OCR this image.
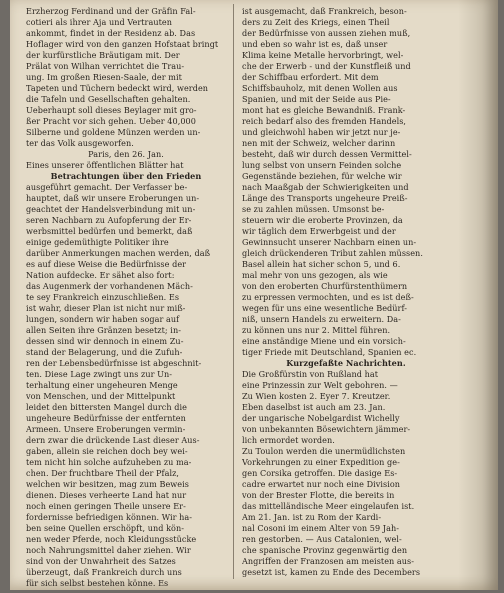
Erzherzog Ferdinand und der Gräfin Fal-
cotieri als ihrer Aja und Vertrauten
ankommt, findet in der Residenz ab. Das
Hoflager wird von den ganzen Hofstaat bringt
der kurfürstliche Bräutigam mit. Der
Prälat von Wilhan verrichtet die Trau-
ung. Im großen Riesen-Saale, der mit
Tapeten und Tüchern bedeckt wird, werden
die Tafeln und Gesellschaften gehalten.
Ueberhaupt soll dieses Beylager mit gro-
ßer Pracht vor sich gehen. Ueber 40,000
Silberne und goldene Münzen werden un-
ter das Volk ausgeworfen.
Paris, den 26. Jan.
Eines unserer öffentlichen Blätter hat
Betrachtungen über den Frieden
ausgeführt gemacht. Der Verfasser be-
hauptet, daß wir unsere Eroberungen un-
geachtet der Handelsverbindung mit un-
seren Nachbarn zu Aufopferung der Er-
werbsmittel bedürfen und bemerkt, daß
einige gedemüthigte Politiker ihre
darüber Anmerkungen machen werden, daß
es auf diese Weise die Bedürfnisse der
Nation aufdecke. Er sähet also fort:
das Augenmerk der vorhandenen Mäch-
te sey Frankreich einzuschließen. Es
ist wahr, dieser Plan ist nicht nur miß-
lungen, sondern wir haben sogar auf
allen Seiten ihre Gränzen besetzt; in-
dessen sind wir dennoch in einem Zu-
stand der Belagerung, und die Zufuh-
ren der Lebensbedürfnisse ist abgeschnit-
ten. Diese Lage zwingt uns zur Un-
terhaltung einer ungeheuren Menge
von Menschen, und der Mittelpunkt
leidet den bittersten Mangel durch die
ungeheure Bedürfnisse der entfernten
Armeen. Unsere Eroberungen vermin-
dern zwar die drückende Last dieser Aus-
gaben, allein sie reichen doch bey wei-
tem nicht hin solche aufzuheben zu ma-
chen. Der fruchtbare Theil der Pfalz,
welchen wir besitzen, mag zum Beweis
dienen. Dieses verheerte Land hat nur
noch einen geringen Theile unsere Er-
fordernisse befriedigen können. Wir ha-
ben seine Quellen erschöpft, und kön-
nen weder Pferde, noch Kleidungsstücke
noch Nahrungsmittel daher ziehen. Wir
sind von der Unwahrheit des Satzes
überzeugt, daß Frankreich durch uns
für sich selbst bestehen könne. Es
ist ausgemacht, daß Frankreich, beson-
ders zu Zeit des Kriegs, einen Theil
der Bedürfnisse von aussen ziehen muß,
und eben so wahr ist es, daß unser
Klima keine Metalle hervorbringt, wel-
che der Erwerb - und der Kunstfleiß und
der Schiffbau erfordert. Mit dem
Schiffsbauholz, mit denen Wollen aus
Spanien, und mit der Seide aus Pie-
mont hat es gleiche Bewandniß. Frank-
reich bedarf also des fremden Handels,
und gleichwohl haben wir jetzt nur je-
nen mit der Schweiz, welcher darinn
besteht, daß wir durch dessen Vermittel-
lung selbst von unsern Feinden solche
Gegenstände beziehen, für welche wir
nach Maaßgab der Schwierigkeiten und
Länge des Transports ungeheure Preiß-
se zu zahlen müssen. Umsonst be-
steuern wir die eroberte Provinzen, da
wir täglich dem Erwerbgeist und der
Gewinnsucht unserer Nachbarn einen un-
gleich drückenderen Tribut zahlen müssen.
Basel allein hat sicher schon 5, und 6.
mal mehr von uns gezogen, als wie
von den eroberten Churfürstenthümern
zu erpressen vermochten, und es ist deß-
wegen für uns eine wesentliche Bedürf-
niß, unsern Handels zu erweitern. Da-
zu können uns nur 2. Mittel führen.
eine anständige Miene und ein vorsich-
tiger Friede mit Deutschland, Spanien ec.
Kurzgefaßte Nachrichten.
Die Großfürstin von Rußland hat
eine Prinzessin zur Welt gebohren. —
Zu Wien kosten 2. Eyer 7. Kreutzer.
Eben daselbst ist auch am 23. Jan.
der ungarische Nobelgardist Wichelly
von unbekannten Bösewichtern jämmer-
lich ermordet worden.
Zu Toulon werden die unermüdlichsten
Vorkehrungen zu einer Expedition ge-
gen Corsika getroffen. Die dasige Es-
cadre erwartet nur noch eine Division
von der Brester Flotte, die bereits in
das mittelländische Meer eingelaufen ist.
Am 21. Jan. ist zu Rom der Kardi-
nal Cosoni im einem Alter von 59 Jah-
ren gestorben. — Aus Catalonien, wel-
che spanische Provinz gegenwärtig den
Angriffen der Franzosen am meisten aus-
gesetzt ist, kamen zu Ende des Decembers
